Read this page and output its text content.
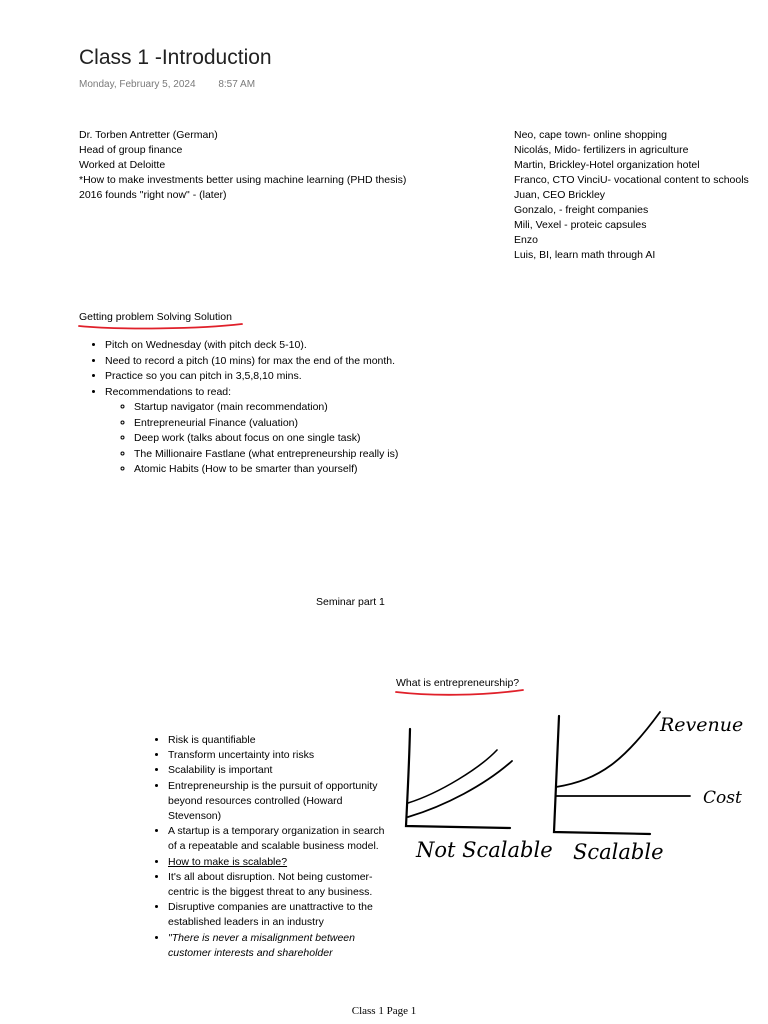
Class 1 -Introduction
Monday, February 5, 2024 8:57 AM
Dr. Torben Antretter (German)
Head of group finance
Worked at Deloitte
*How to make investments better using machine learning (PHD thesis)
2016 founds "right now" - (later)
Neo, cape town- online shopping
Nicolás, Mido- fertilizers in agriculture
Martin, Brickley-Hotel organization hotel
Franco, CTO VinciU- vocational content to schools
Juan, CEO Brickley
Gonzalo, - freight companies
Mili, Vexel - proteic capsules
Enzo
Luis, BI, learn math through AI
Getting problem Solving Solution
• Pitch on Wednesday (with pitch deck 5-10).
• Need to record a pitch (10 mins) for max the end of the month.
• Practice so you can pitch in 3,5,8,10 mins.
• Recommendations to read:
◦ Startup navigator (main recommendation)
◦ Entrepreneurial Finance (valuation)
◦ Deep work (talks about focus on one single task)
◦ The Millionaire Fastlane (what entrepreneurship really is)
◦ Atomic Habits (How to be smarter than yourself)
Seminar part 1
What is entrepreneurship?
• Risk is quantifiable
• Transform uncertainty into risks
• Scalability is important
• Entrepreneurship is the pursuit of opportunity beyond resources controlled (Howard Stevenson)
• A startup is a temporary organization in search of a repeatable and scalable business model.
• How to make is scalable?
• It's all about disruption. Not being customer-centric is the biggest threat to any business.
• Disruptive companies are unattractive to the established leaders in an industry
• "There is never a misalignment between customer interests and shareholder
Not Scalable Scalable
Revenue
Cost
Class 1 Page 1
